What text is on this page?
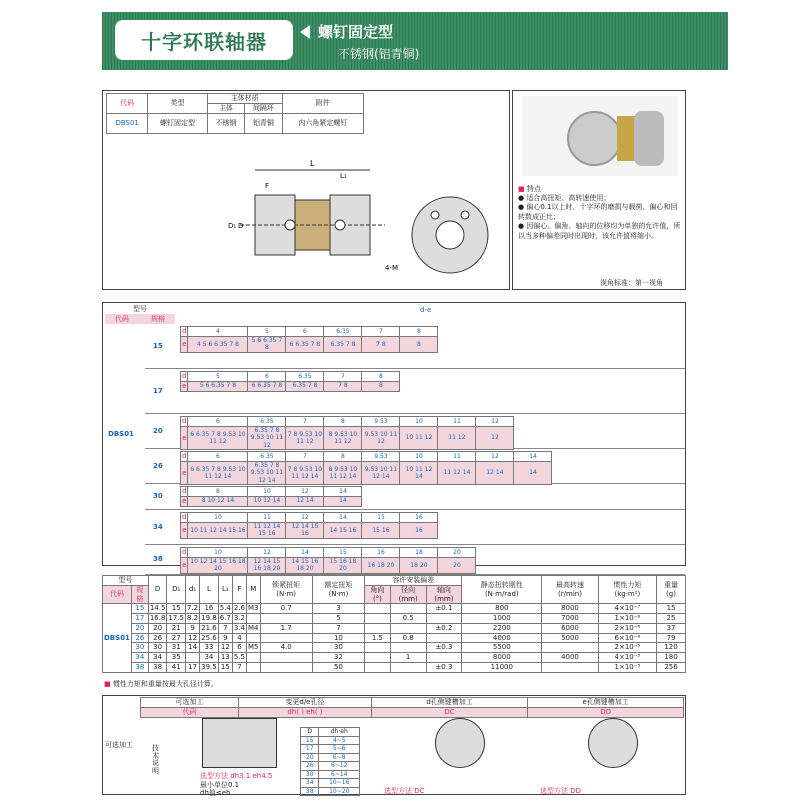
十字环联轴器	螺钉固定型
不锈钢(铝青铜)
代码	类型	主体材质		附件
		主体	间隔环	
DBS01	螺钉固定型	不锈钢	铝青铜	内六角紧定螺钉
L
L₁
F
D₁ D
4-M
■ 特点
● 适合高扭矩、高转速使用；
● 偏心0.1以上时，十字环的磨损与载荷、偏心和回转数成正比；
● 因偏心、偏角、轴向的位移均为单独的允许值，所以当多种偏差同时出现时，该允许值将缩小。
视角标准：第一视角
型号
代码	规格
d-e
DBS01
15
d	4	5	6	6.35	7	8
e	4 5 6 6.35 7 8	5 6 6.35 7 8	6 6.35 7 8	6.35 7 8	7 8	8
17
d	5	6	6.35	7	8
e	5 6 6.35 7 8	6 6.35 7 8	6.35 7 8	7 8	8
20
d	6	6.35	7	8	9.53	10	11	12
e	6 6.35 7 8 9.53 10 11 12	6.35 7 8 9.53 10 11 12	7 8 9.53 10 11 12	8 9.53 10 11 12	9.53 10 11 12	10 11 12	11 12	12
26
d	6	6.35	7	8	9.53	10	11	12	14
e	6 6.35 7 8 9.53 10 11 12 14	6.35 7 8 9.53 10 11 12 14	7 8 9.53 10 11 12 14	8 9.53 10 11 12 14	9.53 10 11 12 14	10 11 12 14	11 12 14	12 14	14
30
d	8	10	12	14
e	8 10 12 14	10 12 14	12 14	14
34
d	10	11	12	14	15	16
e	10 11 12 14 15 16	11 12 14 15 16	12 14 15 16	14 15 16	15 16	16
38
d	10	12	14	15	16	18	20
e	10 12 14 15 16 18 20	12 14 15 16 18 20	14 15 16 18 20	15 16 18 20	16 18 20	18 20	20
型号		D	D₁	d₁	L	L₁	F	M	锁紧扭矩 (N·m)	额定扭矩 (N·m)	容许安装偏差			静态扭转刚性 (N·m/rad)	最高转速 (r/min)	惯性力矩 (kg·m²)	重量 (g)
代码	规格										角向(°)	径向(mm)	轴向(mm)				
DBS01	15	14.5	15	7.2	16	5.4	2.6	M3	0.7	3			±0.1	800	8000	4×10⁻⁷	15
	17	16.8	17.5	8.2	19.8	6.7	3.2			5		0.5		1000	7000	1×10⁻⁶	25
	20	20	21	9	21.6	7	3.4	M4	1.7	7			±0.2	2200	6000	2×10⁻⁶	37
	26	26	27	12	25.6	9	4			10	1.5	0.8		4000	5000	6×10⁻⁶	79
	30	30	31	14	33	12	6	M5	4.0	30			±0.3	5500		2×10⁻⁵	120
	34	34	35		34	13	5.5			32		1		8000	4000	4×10⁻⁵	180
	38	38	41	17	39.5	15	7			50			±0.3	11000		1×10⁻⁵	256
■ 惯性力矩和重量按最大孔径计算。
可选加工	变更d/e孔径	d孔侧键槽加工	e孔侧键槽加工
代码	dh( ) eh( )	DC	DD
可选加工	技术说明
D	dh·eh
15	4~5
17	5~6
20	6~8
26	6~12
30	6~14
34	10~16
38	10~20
选型方法 dh3.1 eh4.5
最小单位0.1
dh值≤eh	选型方法 DC	选型方法 DD
